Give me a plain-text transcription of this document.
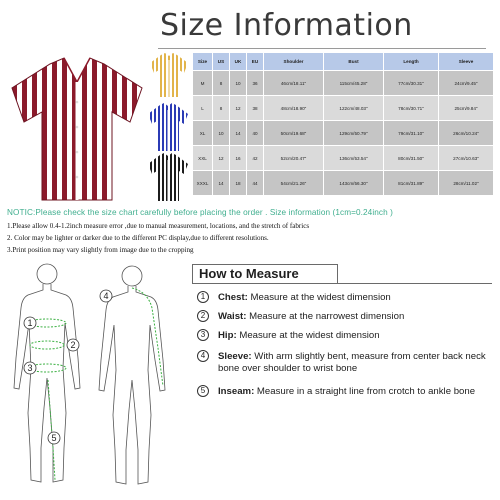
Size Information
Size	US	UK	EU	Shoulder	Bust	Length	Sleeve
M	8	10	36	46cm/18.11"	115cm/45.28"	77cm/30.31"	24cm/9.45"
L	8	12	38	48cm/18.90"	122cm/48.03"	78cm/30.71"	25cm/9.84"
XL	10	14	40	50cm/19.68"	129cm/50.79"	79cm/31.10"	26cm/10.24"
XXL	12	16	42	52cm/20.47"	136cm/53.54"	80cm/31.50"	27cm/10.63"
XXXL	14	18	44	54cm/21.26"	143cm/56.30"	81cm/31.89"	28cm/11.02"
NOTIC:Please check the size chart carefully before placing the order . Size information (1cm=0.24inch )
1.Please allow 0.4-1.2inch measure error ,due to manual measurement, locations, and the stretch of fabrics
2. Color may be lighter or darker due to the different PC display,due to different resolutions.
3.Print position may vary slightly from image due to the cropping
1
2
3
4
5
How to Measure
1	Chest: Measure at the widest dimension
2	Waist: Measure at the narrowest dimension
3	Hip: Measure at the widest dimension
4	Sleeve: With arm slightly bent, measure from center back neck bone over shoulder to wrist bone
5	Inseam: Measure in a straight line from crotch to ankle bone
